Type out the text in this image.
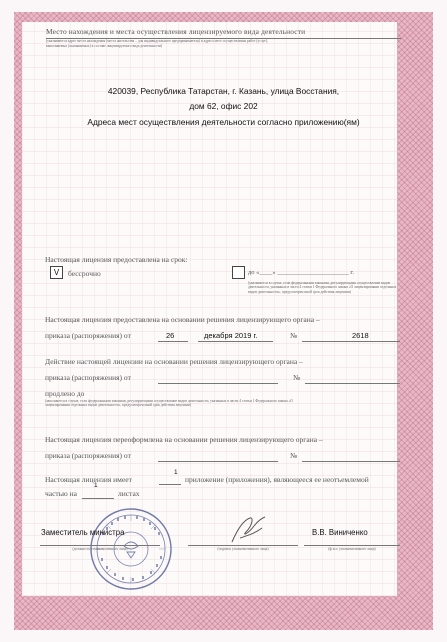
Место нахождения и места осуществления лицензируемого вида деятельности
(указываются адрес места нахождения (места жительства – для индивидуального предпринимателя) и адреса мест осуществления работ (услуг),
выполняемых (оказываемых) в составе лицензируемого вида деятельности)
420039, Республика Татарстан, г. Казань, улица Восстания,
дом 62, офис 202
Адреса мест осуществления деятельности согласно приложению(ям)
Настоящая лицензия предоставлена на срок:
V	бессрочно	до «____» ______________________ г.
(указывается в случае, если федеральными законами, регулирующими осуществление видов деятельности, указанных в части 4 статьи 1 Федерального закона «О лицензировании отдельных видов деятельности», предусмотрен иной срок действия лицензии)
Настоящая лицензия предоставлена на основании решения лицензирующего органа –
приказа (распоряжения) от	26	декабря 2019 г.	№	2618
Действие настоящей лицензии на основании решения лицензирующего органа –
приказа (распоряжения) от	№
продлено до
(заполняется в случае, если федеральными законами, регулирующими осуществление видов деятельности, указанных в части 4 статьи 1 Федерального закона «О лицензировании отдельных видов деятельности», предусмотрен иной срок действия лицензии)
Настоящая лицензия переоформлена на основании решения лицензирующего органа –
приказа (распоряжения) от	№
Настоящая лицензия имеет
1
приложение (приложения), являющееся ее неотъемлемой
частью на
1
листах
Заместитель министра
(должность уполномоченного лица)	(подпись уполномоченного лица)
В.В. Виниченко
(ф.и.о. уполномоченного лица)
